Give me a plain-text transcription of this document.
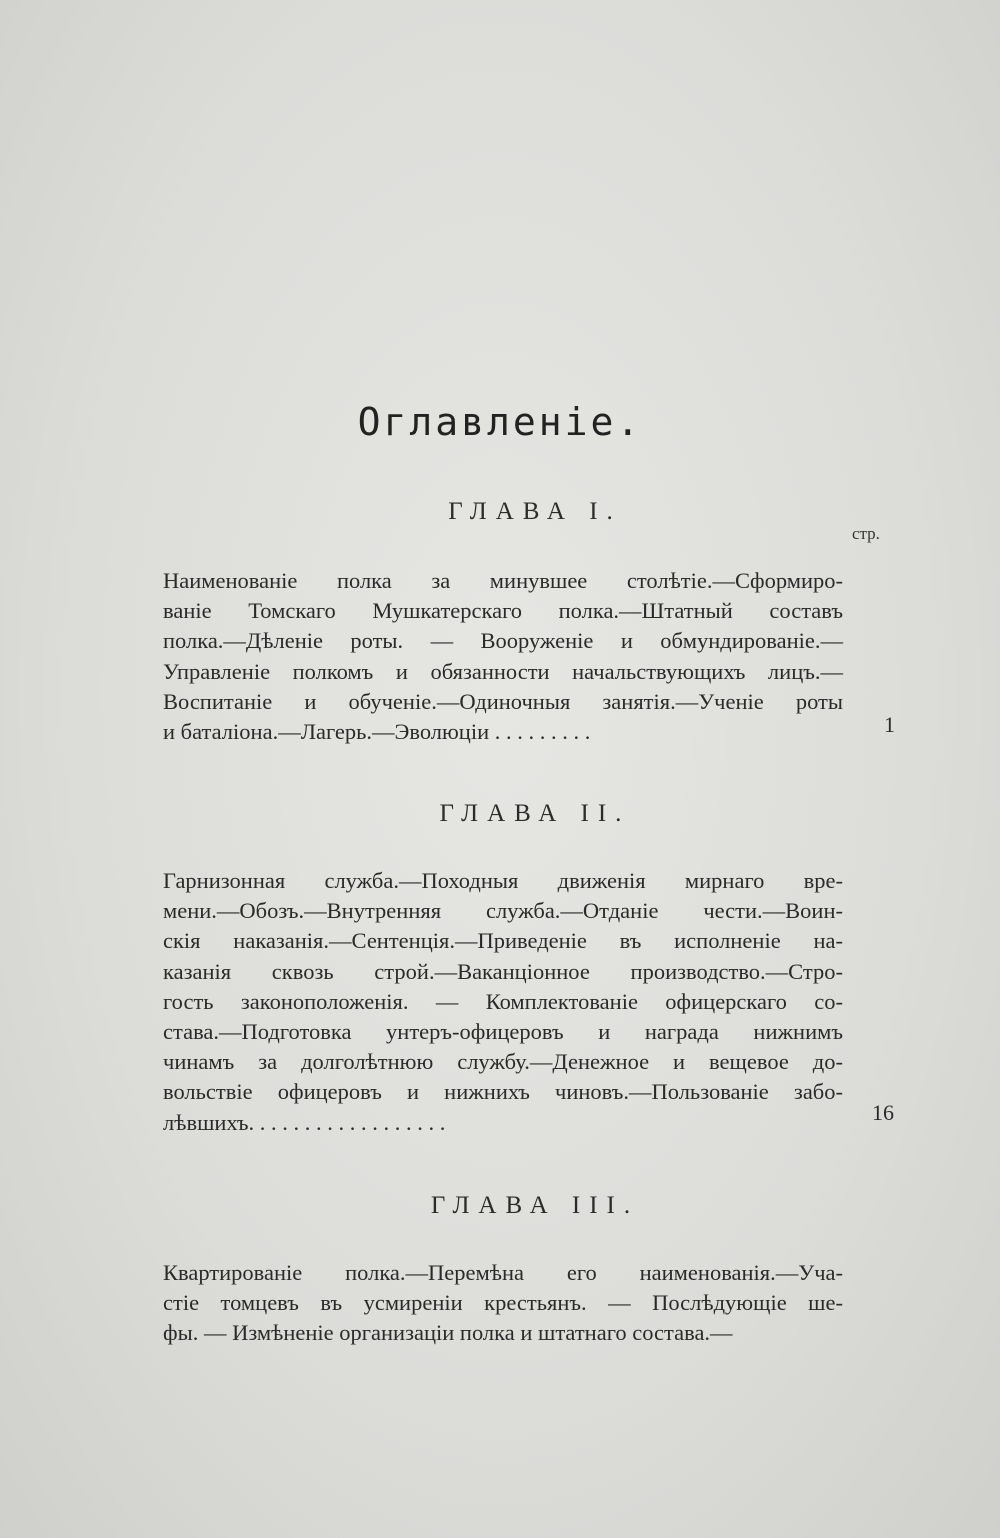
Оглавленіе.
ГЛАВА I.
стр.
Наименованіе полка за минувшее столѣтіе.—Сформиро-
ваніе Томскаго Мушкатерскаго полка.—Штатный составъ
полка.—Дѣленіе роты. — Вооруженіе и обмундированіе.—
Управленіе полкомъ и обязанности начальствующихъ лицъ.—
Воспитаніе и обученіе.—Одиночныя занятія.—Ученіе роты
и баталіона.—Лагерь.—Эволюціи . . . . . . . . .	1
ГЛАВА II.
Гарнизонная служба.—Походныя движенія мирнаго вре-
мени.—Обозъ.—Внутренняя служба.—Отданіе чести.—Воин-
скія наказанія.—Сентенція.—Приведеніе въ исполненіе на-
казанія сквозь строй.—Ваканціонное производство.—Стро-
гость законоположенія. — Комплектованіе офицерскаго со-
става.—Подготовка унтеръ-офицеровъ и награда нижнимъ
чинамъ за долголѣтнюю службу.—Денежное и вещевое до-
вольствіе офицеровъ и нижнихъ чиновъ.—Пользованіе забо-
лѣвшихъ. . . . . . . . . . . . . . . . . .	16
ГЛАВА III.
Квартированіе полка.—Перемѣна его наименованія.—Уча-
стіе томцевъ въ усмиреніи крестьянъ. — Послѣдующіе ше-
фы. — Измѣненіе организаціи полка и штатнаго состава.—
